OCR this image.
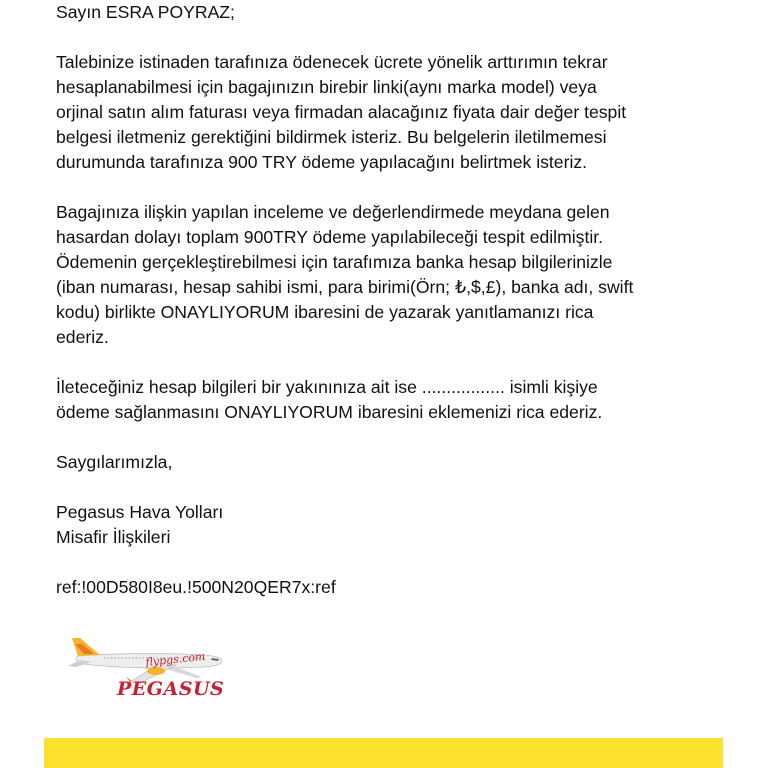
Sayın ESRA POYRAZ;

Talebinize istinaden tarafınıza ödenecek ücrete yönelik arttırımın tekrar
hesaplanabilmesi için bagajınızın birebir linki(aynı marka model) veya
orjinal satın alım faturası veya firmadan alacağınız fiyata dair değer tespit
belgesi iletmeniz gerektiğini bildirmek isteriz. Bu belgelerin iletilmemesi
durumunda tarafınıza 900 TRY ödeme yapılacağını belirtmek isteriz.

Bagajınıza ilişkin yapılan inceleme ve değerlendirmede meydana gelen
hasardan dolayı toplam 900TRY ödeme yapılabileceği tespit edilmiştir.
Ödemenin gerçekleştirebilmesi için tarafımıza banka hesap bilgilerinizle
(iban numarası, hesap sahibi ismi, para birimi(Örn; ₺,$,£), banka adı, swift
kodu) birlikte ONAYLIYORUM ibaresini de yazarak yanıtlamanızı rica
ederiz.

İleteceğiniz hesap bilgileri bir yakınınıza ait ise ................. isimli kişiye
ödeme sağlanmasını ONAYLIYORUM ibaresini eklemenizi rica ederiz.

Saygılarımızla,

Pegasus Hava Yolları
Misafir İlişkileri

ref:!00D580I8eu.!500N20QER7x:ref

flypgs.com
PEGASUS
